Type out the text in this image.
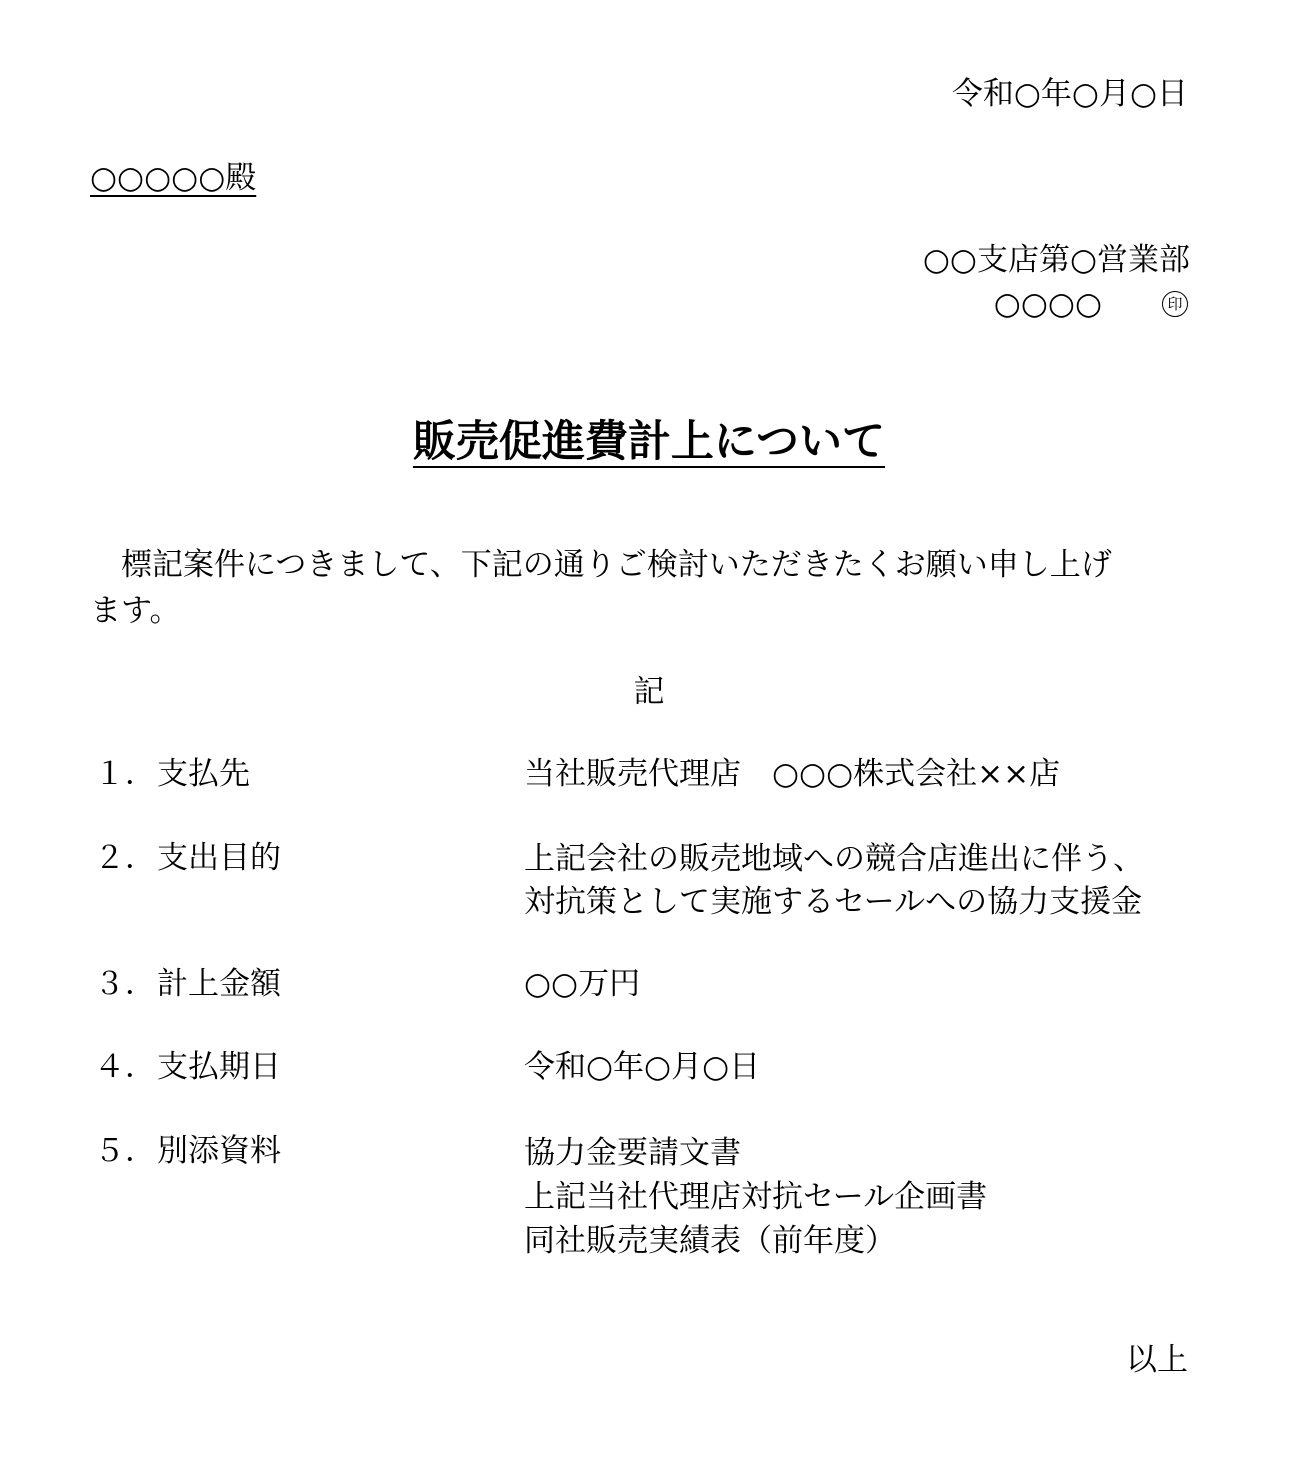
令和○年○月○日
○○○○○殿
○○支店第○営業部
○○○○	印
販売促進費計上について
　標記案件につきまして、下記の通りご検討いただきたくお願い申し上げ
ます。
記
１． 支払先	当社販売代理店　○○○株式会社××店
２． 支出目的	上記会社の販売地域への競合店進出に伴う、
対抗策として実施するセールへの協力支援金
３． 計上金額	○○万円
４． 支払期日	令和○年○月○日
５． 別添資料	協力金要請文書
上記当社代理店対抗セール企画書
同社販売実績表（前年度）
以上
